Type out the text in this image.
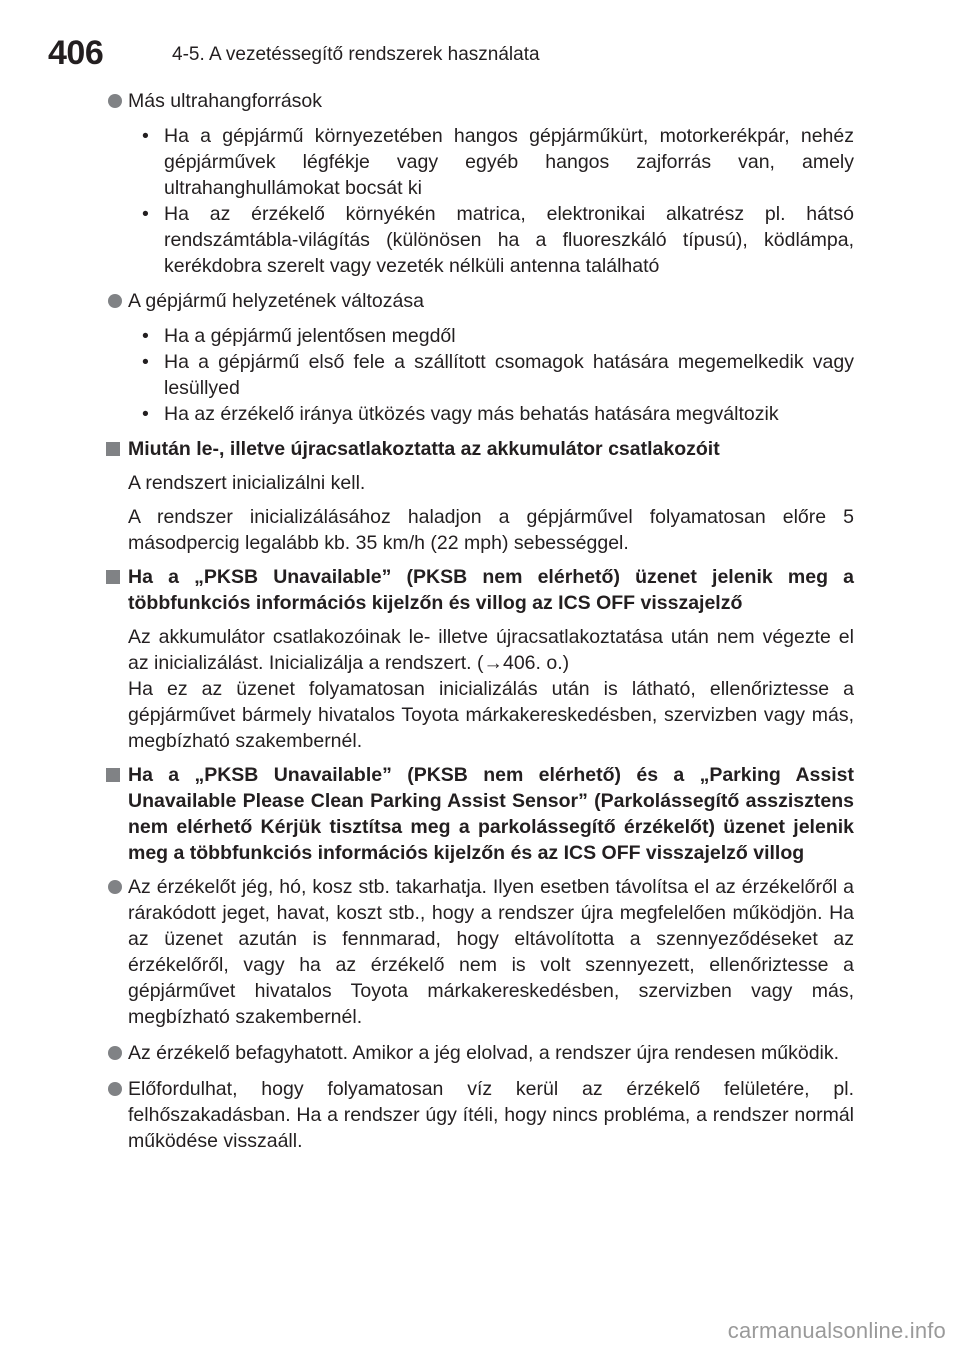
406	4-5. A vezetéssegítő rendszerek használata
Más ultrahangforrások
• Ha a gépjármű környezetében hangos gépjárműkürt, motorkerékpár, nehéz gépjárművek légfékje vagy egyéb hangos zajforrás van, amely ultrahanghullámokat bocsát ki
• Ha az érzékelő környékén matrica, elektronikai alkatrész pl. hátsó rendszámtábla-világítás (különösen ha a fluoreszkáló típusú), ködlámpa, kerékdobra szerelt vagy vezeték nélküli antenna található
A gépjármű helyzetének változása
• Ha a gépjármű jelentősen megdől
• Ha a gépjármű első fele a szállított csomagok hatására megemelkedik vagy lesüllyed
• Ha az érzékelő iránya ütközés vagy más behatás hatására megváltozik
Miután le-, illetve újracsatlakoztatta az akkumulátor csatlakozóit

A rendszert inicializálni kell.

A rendszer inicializálásához haladjon a gépjárművel folyamatosan előre 5 másodpercig legalább kb. 35 km/h (22 mph) sebességgel.

Ha a „PKSB Unavailable” (PKSB nem elérhető) üzenet jelenik meg a többfunkciós információs kijelzőn és villog az ICS OFF visszajelző

Az akkumulátor csatlakozóinak le- illetve újracsatlakoztatása után nem végezte el az inicializálást. Inicializálja a rendszert. (→406. o.)

Ha ez az üzenet folyamatosan inicializálás után is látható, ellenőriztesse a gépjárművet bármely hivatalos Toyota márkakereskedésben, szervizben vagy más, megbízható szakembernél.

Ha a „PKSB Unavailable” (PKSB nem elérhető) és a „Parking Assist Unavailable Please Clean Parking Assist Sensor” (Parkolássegítő asszisztens nem elérhető Kérjük tisztítsa meg a parkolássegítő érzékelőt) üzenet jelenik meg a többfunkciós információs kijelzőn és az ICS OFF visszajelző villog
Az érzékelőt jég, hó, kosz stb. takarhatja. Ilyen esetben távolítsa el az érzékelőről a rárakódott jeget, havat, koszt stb., hogy a rendszer újra megfelelően működjön. Ha az üzenet azután is fennmarad, hogy eltávolította a szennyeződéseket az érzékelőről, vagy ha az érzékelő nem is volt szennyezett, ellenőriztesse a gépjárművet hivatalos Toyota márkakereskedésben, szervizben vagy más, megbízható szakembernél.
Az érzékelő befagyhatott. Amikor a jég elolvad, a rendszer újra rendesen működik.
Előfordulhat, hogy folyamatosan víz kerül az érzékelő felületére, pl. felhőszakadásban. Ha a rendszer úgy ítéli, hogy nincs probléma, a rendszer normál működése visszaáll.
carmanualsonline.info
